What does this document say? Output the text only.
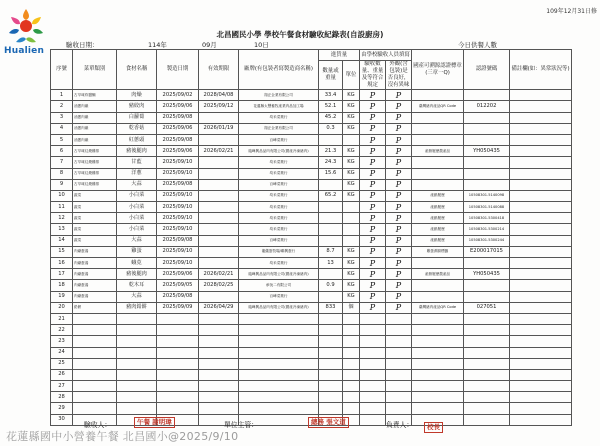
Hualien
109年12月31日修
北昌國民小學 學校午餐食材驗收紀錄表(自設廚房)
驗收日期：	114年	09月	10日	今日供餐人數
序號	菜單類別	食材名稱	製造日期	有效期限	廠牌(有包裝者寫製造商名稱)	進貨量		由學校驗收人員填寫		國產可溯源認證標章(三章一Q)	認證號碼	備註欄(如：異常狀況等)
						數量或重量	單位	驗收數量、重量及等符合規定	外觀(含包裝)是否良好，沒有異味			
1	古早味炸醬麵	肉燥	2025/09/02	2028/04/08	翔正企業有限公司	33.4	KG	P	P			
2	油蔥肉燥	豬絞肉	2025/09/06	2025/09/12	花蓮縣太豐畜牧產業肉品加工場	52.1	KG	P	P	臺灣豬肉產品QR Code	012202	
3	油蔥肉燥	白蘿蔔	2025/09/08		均禾菜菓行	45.2	KG	P	P			
4	油蔥肉燥	乾香菇	2025/09/06	2026/01/19	翔正企業有限公司	0.3	KG	P	P			
5	油蔥肉燥	紅蔥頭	2025/09/08		百峰菜菓行			P	P			
6	古早味紅燒雞排	豬後腿肉	2025/09/06	2026/02/21	臨峰興品品肉有限公司(國產冷凍豬肉)	21.3	KG	P	P	產銷履歷農產品	YH050435	
7	古早味紅燒雞排	甘藍	2025/09/10		均禾菜菓行	24.3	KG	P	P			
8	古早味紅燒雞排	洋蔥	2025/09/10		均禾菜菓行	15.6	KG	P	P			
9	古早味紅燒雞排	大蒜	2025/09/08		百峰菜菓行		KG	P	P			
10	蔬菜	小白菜	2025/09/10		均禾菜菓行	65.2	KG	P	P	產銷履歷	10508301.5140098	
11	蔬菜	小白菜	2025/09/10		均禾菜菓行			P	P	產銷履歷	10508301.5140088	
12	蔬菜	小白菜	2025/09/10		均禾菜菓行			P	P	產銷履歷	10508301.5300418	
13	蔬菜	小白菜	2025/09/10		均禾菜菓行			P	P	產銷履歷	10508301.5300214	
14	蔬菜	大蒜	2025/09/08		百峰菜菓行			P	P	產銷履歷	10508301.5300244	
15	肉燥蛋湯	雞蛋	2025/09/10		龍儀蛋牧場/聯興蛋行	8.7	KG	P	P	雞蛋溯源標籤	E200017015	
16	肉燥蛋湯	蛾莧	2025/09/10		均禾菜菓行	13	KG	P	P			
17	肉燥蛋湯	豬後腿肉	2025/09/06	2026/02/21	臨峰興品品肉有限公司(國產冷凍豬肉)		KG	P	P	產銷履歷農產品	YH050435	
18	肉燥蛋湯	乾木耳	2025/09/05	2028/02/25	承悅二有限公司	0.9	KG	P	P			
19	肉燥蛋湯	大蒜	2025/09/08		百峰菜菓行		KG	P	P			
20	鉛餅	豬肉鉛餅	2025/09/09	2026/04/29	臨峰興品品肉有限公司(國產冷凍豬肉)	833	個	P	P	臺灣豬肉產品QR Code	027051	
21												
22												
23												
24												
25												
26												
27												
28												
29												
30												
驗收人：	午餐 謝明瑋	單位主管：	總務 張文道	負責人：	校長
花蓮縣國中小營養午餐 北昌國小@2025/9/10
